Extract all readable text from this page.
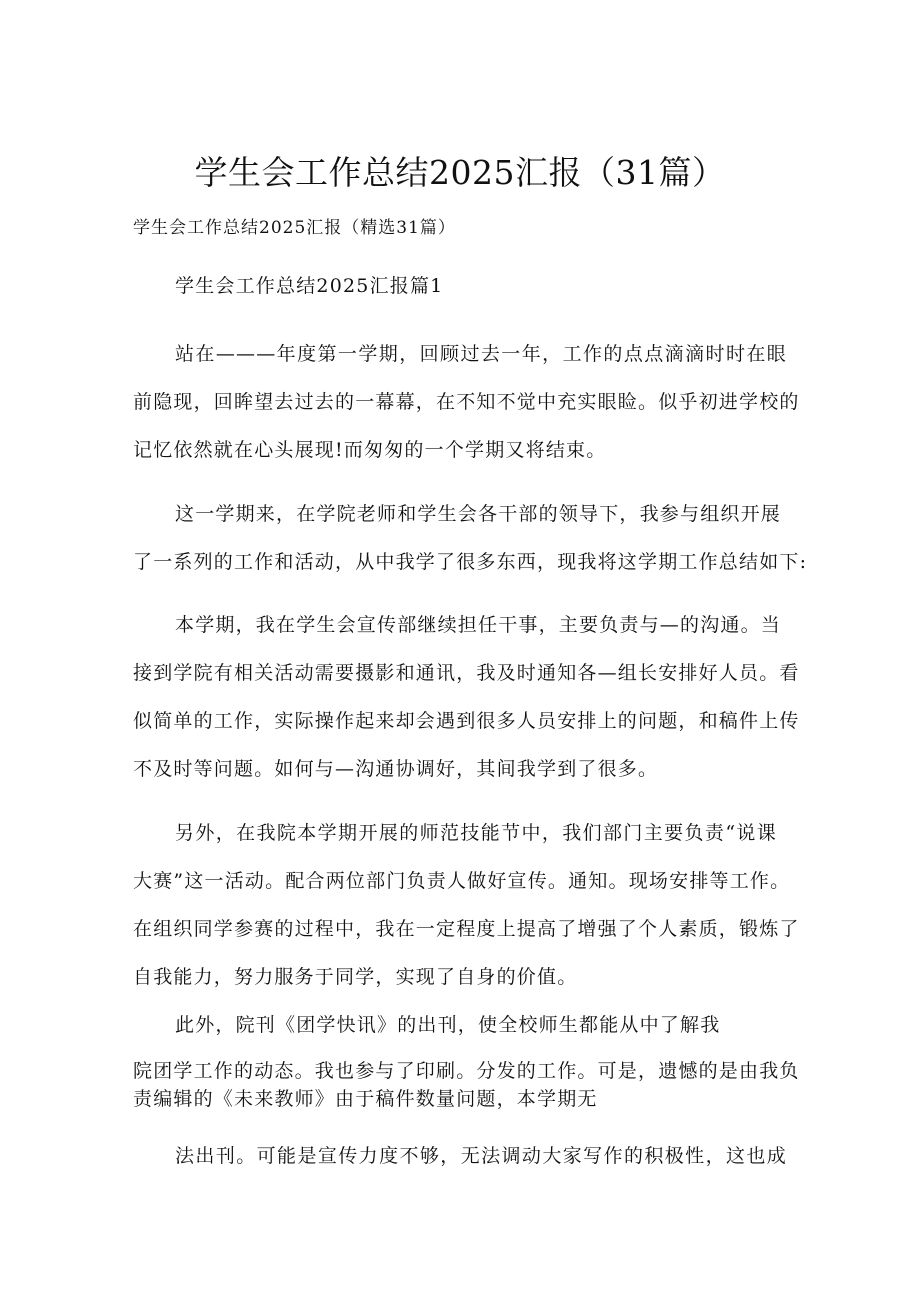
学生会工作总结2025汇报（31篇）
学生会工作总结2025汇报（精选31篇）
学生会工作总结2025汇报篇1
站在———年度第一学期，回顾过去一年，工作的点点滴滴时时在眼
前隐现，回眸望去过去的一幕幕，在不知不觉中充实眼睑。似乎初进学校的
记忆依然就在心头展现!而匆匆的一个学期又将结束。
这一学期来，在学院老师和学生会各干部的领导下，我参与组织开展
了一系列的工作和活动，从中我学了很多东西，现我将这学期工作总结如下:
本学期，我在学生会宣传部继续担任干事，主要负责与—的沟通。当
接到学院有相关活动需要摄影和通讯，我及时通知各—组长安排好人员。看
似简单的工作，实际操作起来却会遇到很多人员安排上的问题，和稿件上传
不及时等问题。如何与—沟通协调好，其间我学到了很多。
另外，在我院本学期开展的师范技能节中，我们部门主要负责“说课
大赛”这一活动。配合两位部门负责人做好宣传。通知。现场安排等工作。
在组织同学参赛的过程中，我在一定程度上提高了增强了个人素质，锻炼了
自我能力，努力服务于同学，实现了自身的价值。
此外，院刊《团学快讯》的出刊，使全校师生都能从中了解我
院团学工作的动态。我也参与了印刷。分发的工作。可是，遗憾的是由我负
责编辑的《未来教师》由于稿件数量问题，本学期无
法出刊。可能是宣传力度不够，无法调动大家写作的积极性，这也成
